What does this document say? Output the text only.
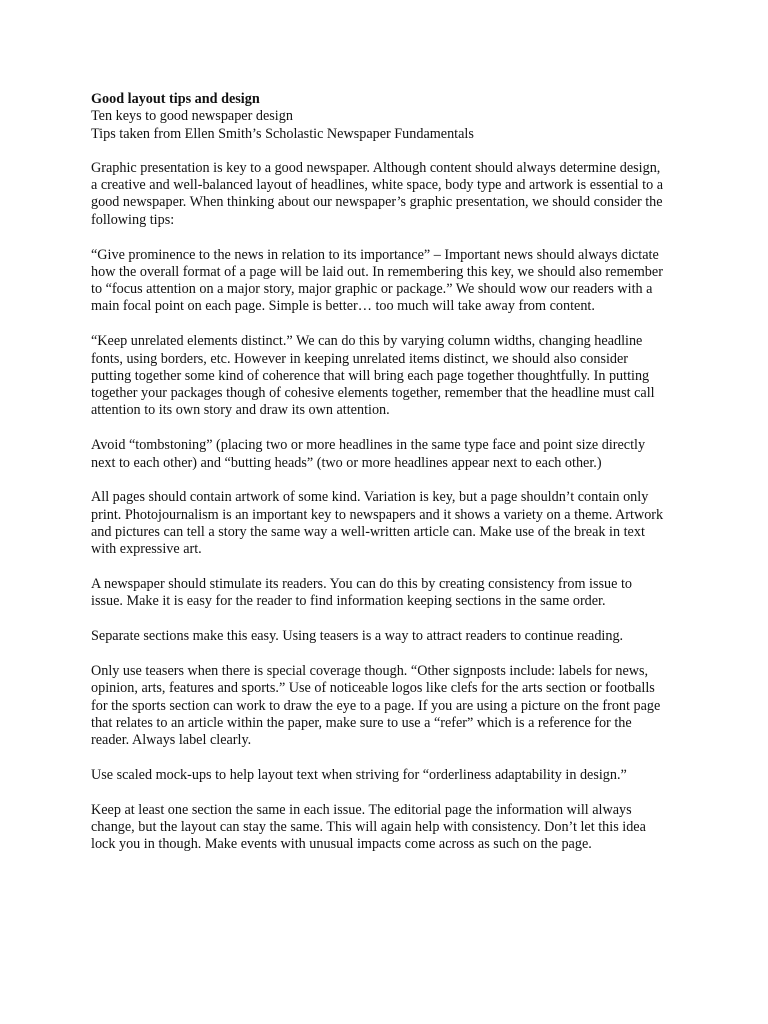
Good layout tips and design

Ten keys to good newspaper design

Tips taken from Ellen Smith’s Scholastic Newspaper Fundamentals

Graphic presentation is key to a good newspaper. Although content should always determine design, a creative and well-balanced layout of headlines, white space, body type and artwork is essential to a good newspaper. When thinking about our newspaper’s graphic presentation, we should consider the following tips:

“Give prominence to the news in relation to its importance” – Important news should always dictate how the overall format of a page will be laid out. In remembering this key, we should also remember to “focus attention on a major story, major graphic or package.” We should wow our readers with a main focal point on each page. Simple is better… too much will take away from content.

“Keep unrelated elements distinct.” We can do this by varying column widths, changing headline fonts, using borders, etc. However in keeping unrelated items distinct, we should also consider putting together some kind of coherence that will bring each page together thoughtfully. In putting together your packages though of cohesive elements together, remember that the headline must call attention to its own story and draw its own attention.

Avoid “tombstoning” (placing two or more headlines in the same type face and point size directly next to each other) and “butting heads” (two or more headlines appear next to each other.)

All pages should contain artwork of some kind. Variation is key, but a page shouldn’t contain only print. Photojournalism is an important key to newspapers and it shows a variety on a theme. Artwork and pictures can tell a story the same way a well-written article can. Make use of the break in text with expressive art.

A newspaper should stimulate its readers. You can do this by creating consistency from issue to issue. Make it is easy for the reader to find information keeping sections in the same order.

Separate sections make this easy. Using teasers is a way to attract readers to continue reading.

Only use teasers when there is special coverage though. “Other signposts include: labels for news, opinion, arts, features and sports.” Use of noticeable logos like clefs for the arts section or footballs for the sports section can work to draw the eye to a page. If you are using a picture on the front page that relates to an article within the paper, make sure to use a “refer” which is a reference for the reader. Always label clearly.

Use scaled mock-ups to help layout text when striving for “orderliness adaptability in design.”

Keep at least one section the same in each issue. The editorial page the information will always change, but the layout can stay the same. This will again help with consistency. Don’t let this idea lock you in though. Make events with unusual impacts come across as such on the page.
